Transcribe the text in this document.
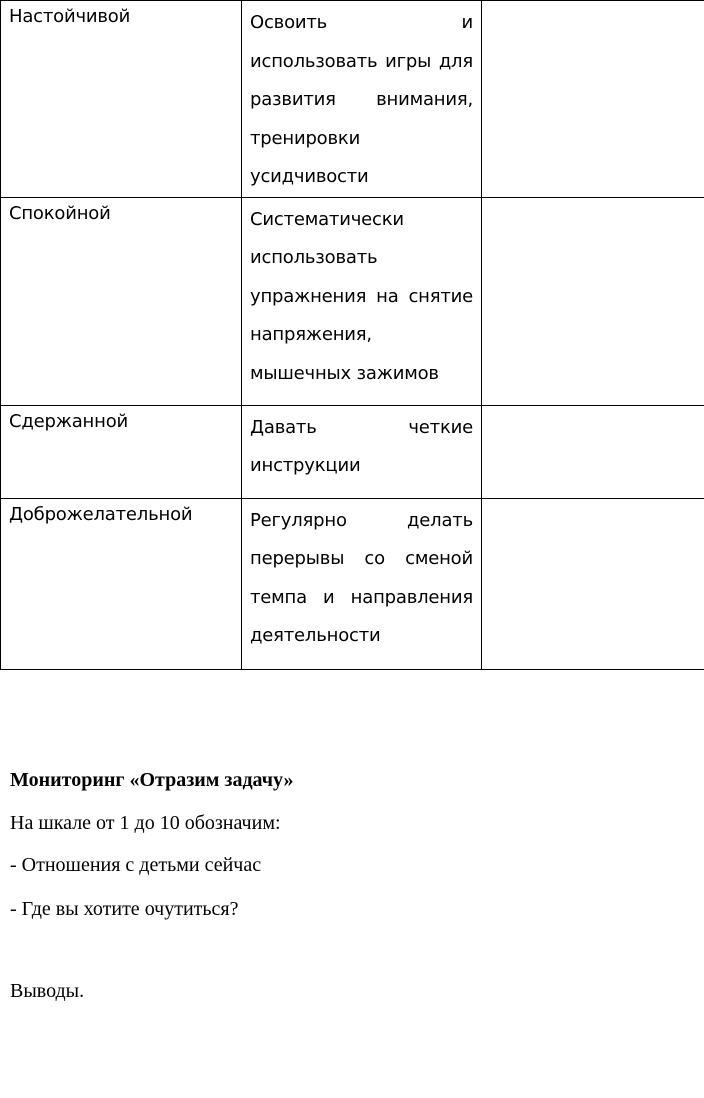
Настойчивой	Освоить и использовать игры для развития внимания, тренировки усидчивости	

Спокойной	Систематически использовать упражнения на снятие напряжения, мышечных зажимов	

Сдержанной	Давать четкие инструкции	

Доброжелательной	Регулярно делать перерывы со сменой темпа и направления деятельности	

Мониторинг «Отразим задачу»
На шкале от 1 до 10 обозначим:
- Отношения с детьми сейчас
- Где вы хотите очутиться?
Выводы.
